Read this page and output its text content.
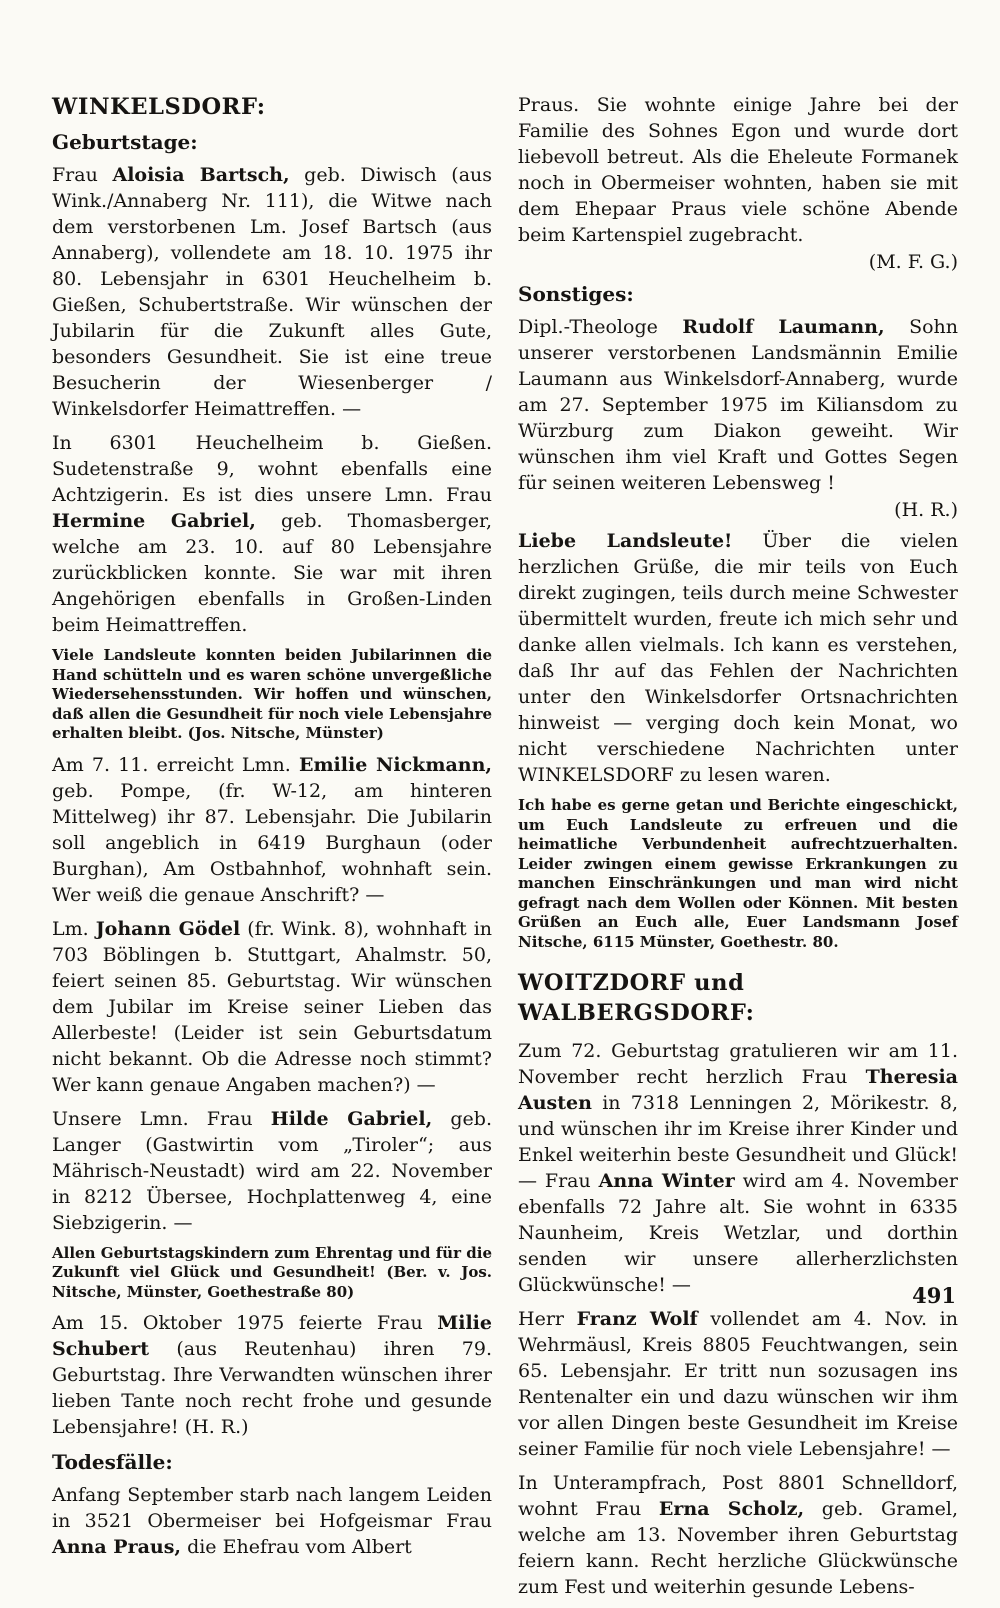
WINKELSDORF:

Geburtstage:

Frau Aloisia Bartsch, geb. Diwisch (aus Wink./Annaberg Nr. 111), die Witwe nach dem verstorbenen Lm. Josef Bartsch (aus Annaberg), vollendete am 18. 10. 1975 ihr 80. Lebensjahr in 6301 Heuchelheim b. Gießen, Schubertstraße. Wir wünschen der Jubilarin für die Zukunft alles Gute, besonders Gesundheit. Sie ist eine treue Besucherin der Wiesenberger / Winkelsdorfer Heimattreffen. —

In 6301 Heuchelheim b. Gießen. Sudetenstraße 9, wohnt ebenfalls eine Achtzigerin. Es ist dies unsere Lmn. Frau Hermine Gabriel, geb. Thomasberger, welche am 23. 10. auf 80 Lebensjahre zurückblicken konnte. Sie war mit ihren Angehörigen ebenfalls in Großen-Linden beim Heimattreffen.

Viele Landsleute konnten beiden Jubilarinnen die Hand schütteln und es waren schöne unvergeßliche Wiedersehensstunden. Wir hoffen und wünschen, daß allen die Gesundheit für noch viele Lebensjahre erhalten bleibt. (Jos. Nitsche, Münster)

Am 7. 11. erreicht Lmn. Emilie Nickmann, geb. Pompe, (fr. W-12, am hinteren Mittelweg) ihr 87. Lebensjahr. Die Jubilarin soll angeblich in 6419 Burghaun (oder Burghan), Am Ostbahnhof, wohnhaft sein. Wer weiß die genaue Anschrift? —

Lm. Johann Gödel (fr. Wink. 8), wohnhaft in 703 Böblingen b. Stuttgart, Ahalmstr. 50, feiert seinen 85. Geburtstag. Wir wünschen dem Jubilar im Kreise seiner Lieben das Allerbeste! (Leider ist sein Geburtsdatum nicht bekannt. Ob die Adresse noch stimmt? Wer kann genaue Angaben machen?) —

Unsere Lmn. Frau Hilde Gabriel, geb. Langer (Gastwirtin vom „Tiroler“; aus Mährisch-Neustadt) wird am 22. November in 8212 Übersee, Hochplattenweg 4, eine Siebzigerin. —

Allen Geburtstagskindern zum Ehrentag und für die Zukunft viel Glück und Gesundheit! (Ber. v. Jos. Nitsche, Münster, Goethestraße 80)

Am 15. Oktober 1975 feierte Frau Milie Schubert (aus Reutenhau) ihren 79. Geburtstag. Ihre Verwandten wünschen ihrer lieben Tante noch recht frohe und gesunde Lebensjahre! (H. R.)

Todesfälle:

Anfang September starb nach langem Leiden in 3521 Obermeiser bei Hofgeismar Frau Anna Praus, die Ehefrau vom Albert

Praus. Sie wohnte einige Jahre bei der Familie des Sohnes Egon und wurde dort liebevoll betreut. Als die Eheleute Formanek noch in Obermeiser wohnten, haben sie mit dem Ehepaar Praus viele schöne Abende beim Kartenspiel zugebracht.

(M. F. G.)

Sonstiges:

Dipl.-Theologe Rudolf Laumann, Sohn unserer verstorbenen Landsmännin Emilie Laumann aus Winkelsdorf-Annaberg, wurde am 27. September 1975 im Kiliansdom zu Würzburg zum Diakon geweiht. Wir wünschen ihm viel Kraft und Gottes Segen für seinen weiteren Lebensweg !

(H. R.)

Liebe Landsleute! Über die vielen herzlichen Grüße, die mir teils von Euch direkt zugingen, teils durch meine Schwester übermittelt wurden, freute ich mich sehr und danke allen vielmals. Ich kann es verstehen, daß Ihr auf das Fehlen der Nachrichten unter den Winkelsdorfer Ortsnachrichten hinweist — verging doch kein Monat, wo nicht verschiedene Nachrichten unter WINKELSDORF zu lesen waren.

Ich habe es gerne getan und Berichte eingeschickt, um Euch Landsleute zu erfreuen und die heimatliche Verbundenheit aufrechtzuerhalten. Leider zwingen einem gewisse Erkrankungen zu manchen Einschränkungen und man wird nicht gefragt nach dem Wollen oder Können. Mit besten Grüßen an Euch alle, Euer Landsmann Josef Nitsche, 6115 Münster, Goethestr. 80.

WOITZDORF und WALBERGSDORF:

Zum 72. Geburtstag gratulieren wir am 11. November recht herzlich Frau Theresia Austen in 7318 Lenningen 2, Mörikestr. 8, und wünschen ihr im Kreise ihrer Kinder und Enkel weiterhin beste Gesundheit und Glück! — Frau Anna Winter wird am 4. November ebenfalls 72 Jahre alt. Sie wohnt in 6335 Naunheim, Kreis Wetzlar, und dorthin senden wir unsere allerherzlichsten Glückwünsche! —

Herr Franz Wolf vollendet am 4. Nov. in Wehrmäusl, Kreis 8805 Feuchtwangen, sein 65. Lebensjahr. Er tritt nun sozusagen ins Rentenalter ein und dazu wünschen wir ihm vor allen Dingen beste Gesundheit im Kreise seiner Familie für noch viele Lebensjahre! —

In Unterampfrach, Post 8801 Schnelldorf, wohnt Frau Erna Scholz, geb. Gramel, welche am 13. November ihren Geburtstag feiern kann. Recht herzliche Glückwünsche zum Fest und weiterhin gesunde Lebens-

491
